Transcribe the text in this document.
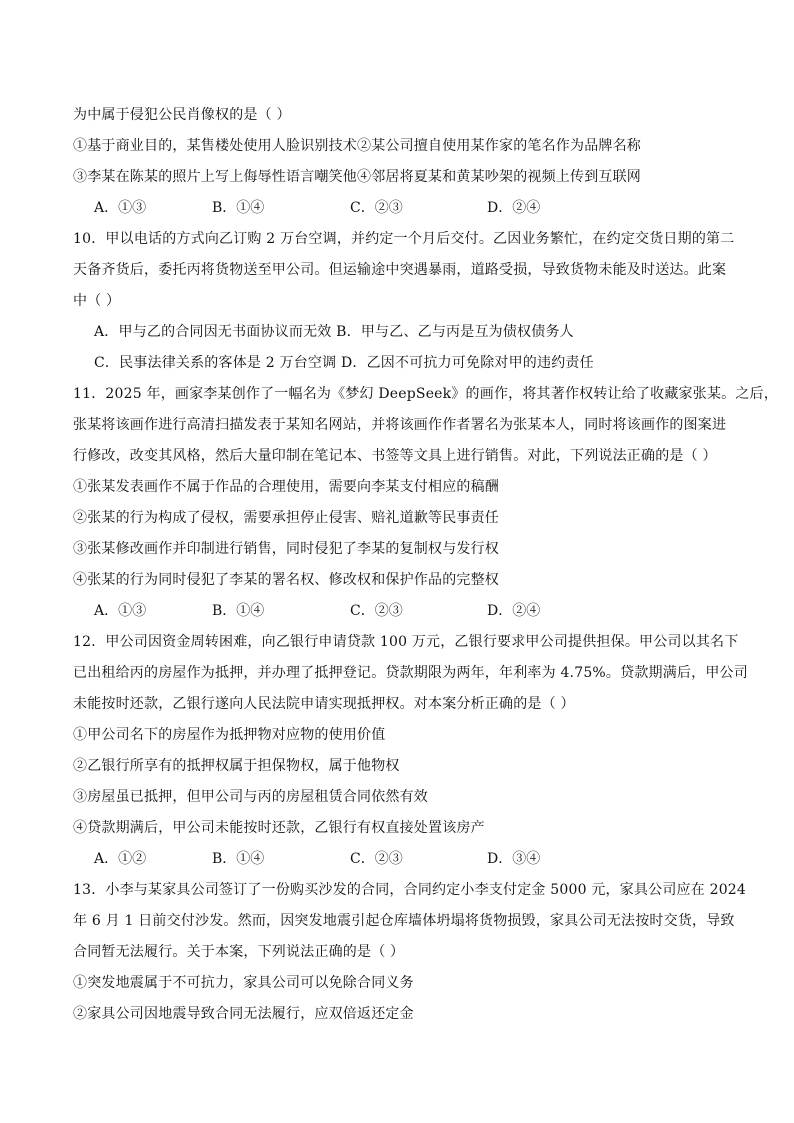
为中属于侵犯公民肖像权的是（ ）
①基于商业目的，某售楼处使用人脸识别技术②某公司擅自使用某作家的笔名作为品牌名称
③李某在陈某的照片上写上侮辱性语言嘲笑他④邻居将夏某和黄某吵架的视频上传到互联网
A．①③	B．①④	C．②③	D．②④
10．甲以电话的方式向乙订购 2 万台空调，并约定一个月后交付。乙因业务繁忙，在约定交货日期的第二
天备齐货后，委托丙将货物送至甲公司。但运输途中突遇暴雨，道路受损，导致货物未能及时送达。此案
中（ ）
A．甲与乙的合同因无书面协议而无效 B．甲与乙、乙与丙是互为债权债务人
C．民事法律关系的客体是 2 万台空调 D．乙因不可抗力可免除对甲的违约责任
11．2025 年，画家李某创作了一幅名为《梦幻 DeepSeek》的画作，将其著作权转让给了收藏家张某。之后，
张某将该画作进行高清扫描发表于某知名网站，并将该画作作者署名为张某本人，同时将该画作的图案进
行修改，改变其风格，然后大量印制在笔记本、书签等文具上进行销售。对此，下列说法正确的是（ ）
①张某发表画作不属于作品的合理使用，需要向李某支付相应的稿酬
②张某的行为构成了侵权，需要承担停止侵害、赔礼道歉等民事责任
③张某修改画作并印制进行销售，同时侵犯了李某的复制权与发行权
④张某的行为同时侵犯了李某的署名权、修改权和保护作品的完整权
A．①③	B．①④	C．②③	D．②④
12．甲公司因资金周转困难，向乙银行申请贷款 100 万元，乙银行要求甲公司提供担保。甲公司以其名下
已出租给丙的房屋作为抵押，并办理了抵押登记。贷款期限为两年，年利率为 4.75%。贷款期满后，甲公司
未能按时还款，乙银行遂向人民法院申请实现抵押权。对本案分析正确的是（ ）
①甲公司名下的房屋作为抵押物对应物的使用价值
②乙银行所享有的抵押权属于担保物权，属于他物权
③房屋虽已抵押，但甲公司与丙的房屋租赁合同依然有效
④贷款期满后，甲公司未能按时还款，乙银行有权直接处置该房产
A．①②	B．①④	C．②③	D．③④
13．小李与某家具公司签订了一份购买沙发的合同，合同约定小李支付定金 5000 元，家具公司应在 2024
年 6 月 1 日前交付沙发。然而，因突发地震引起仓库墙体坍塌将货物损毁，家具公司无法按时交货，导致
合同暂无法履行。关于本案，下列说法正确的是（ ）
①突发地震属于不可抗力，家具公司可以免除合同义务
②家具公司因地震导致合同无法履行，应双倍返还定金
